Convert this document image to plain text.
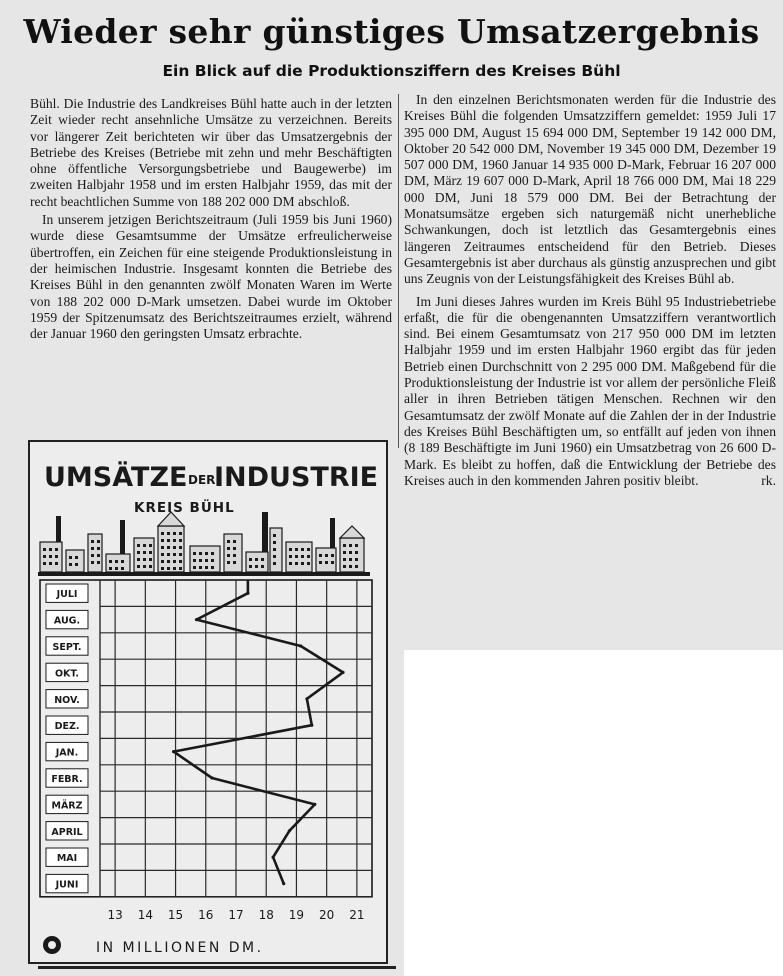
Wieder sehr günstiges Umsatzergebnis
Ein Blick auf die Produktionsziffern des Kreises Bühl

Bühl. Die Industrie des Landkreises Bühl hatte auch in der letzten Zeit wieder recht ansehnliche Umsätze zu verzeichnen. Bereits vor längerer Zeit berichteten wir über das Umsatzergebnis der Betriebe des Kreises (Betriebe mit zehn und mehr Beschäftigten ohne öffentliche Versorgungsbetriebe und Baugewerbe) im zweiten Halbjahr 1958 und im ersten Halbjahr 1959, das mit der recht beachtlichen Summe von 188 202 000 DM abschloß.

In unserem jetzigen Berichtszeitraum (Juli 1959 bis Juni 1960) wurde diese Gesamtsumme der Umsätze erfreulicherweise übertroffen, ein Zeichen für eine steigende Produktionsleistung in der heimischen Industrie. Insgesamt konnten die Betriebe des Kreises Bühl in den genannten zwölf Monaten Waren im Werte von 188 202 000 D-Mark umsetzen. Dabei wurde im Oktober 1959 der Spitzenumsatz des Berichtszeitraumes erzielt, während der Januar 1960 den geringsten Umsatz erbrachte.

In den einzelnen Berichtsmonaten werden für die Industrie des Kreises Bühl die folgenden Umsatzziffern gemeldet: 1959 Juli 17 395 000 DM, August 15 694 000 DM, September 19 142 000 DM, Oktober 20 542 000 DM, November 19 345 000 DM, Dezember 19 507 000 DM, 1960 Januar 14 935 000 D-Mark, Februar 16 207 000 DM, März 19 607 000 D-Mark, April 18 766 000 DM, Mai 18 229 000 DM, Juni 18 579 000 DM. Bei der Betrachtung der Monatsumsätze ergeben sich naturgemäß nicht unerhebliche Schwankungen, doch ist letztlich das Gesamtergebnis eines längeren Zeitraumes entscheidend für den Betrieb. Dieses Gesamtergebnis ist aber durchaus als günstig anzusprechen und gibt uns Zeugnis von der Leistungsfähigkeit des Kreises Bühl ab.

Im Juni dieses Jahres wurden im Kreis Bühl 95 Industriebetriebe erfaßt, die für die obengenannten Umsatzziffern verantwortlich sind. Bei einem Gesamtumsatz von 217 950 000 DM im letzten Halbjahr 1959 und im ersten Halbjahr 1960 ergibt das für jeden Betrieb einen Durchschnitt von 2 295 000 DM. Maßgebend für die Produktionsleistung der Industrie ist vor allem der persönliche Fleiß aller in ihren Betrieben tätigen Menschen. Rechnen wir den Gesamtumsatz der zwölf Monate auf die Zahlen der in der Industrie des Kreises Bühl Beschäftigten um, so entfällt auf jeden von ihnen (8 189 Beschäftigte im Juni 1960) ein Umsatzbetrag von 26 600 D-Mark. Es bleibt zu hoffen, daß die Entwicklung der Betriebe des Kreises auch in den kommenden Jahren positiv bleibt.	rk.

UMSÄTZE DER
INDUSTRIE
KREIS BÜHL
JULI
AUG.
SEPT.
OKT.
NOV.
DEZ.
JAN.
FEBR.
MÄRZ
APRIL
MAI
JUNI
13 14 15 16 17 18 19 20 21
IN MILLIONEN DM.
